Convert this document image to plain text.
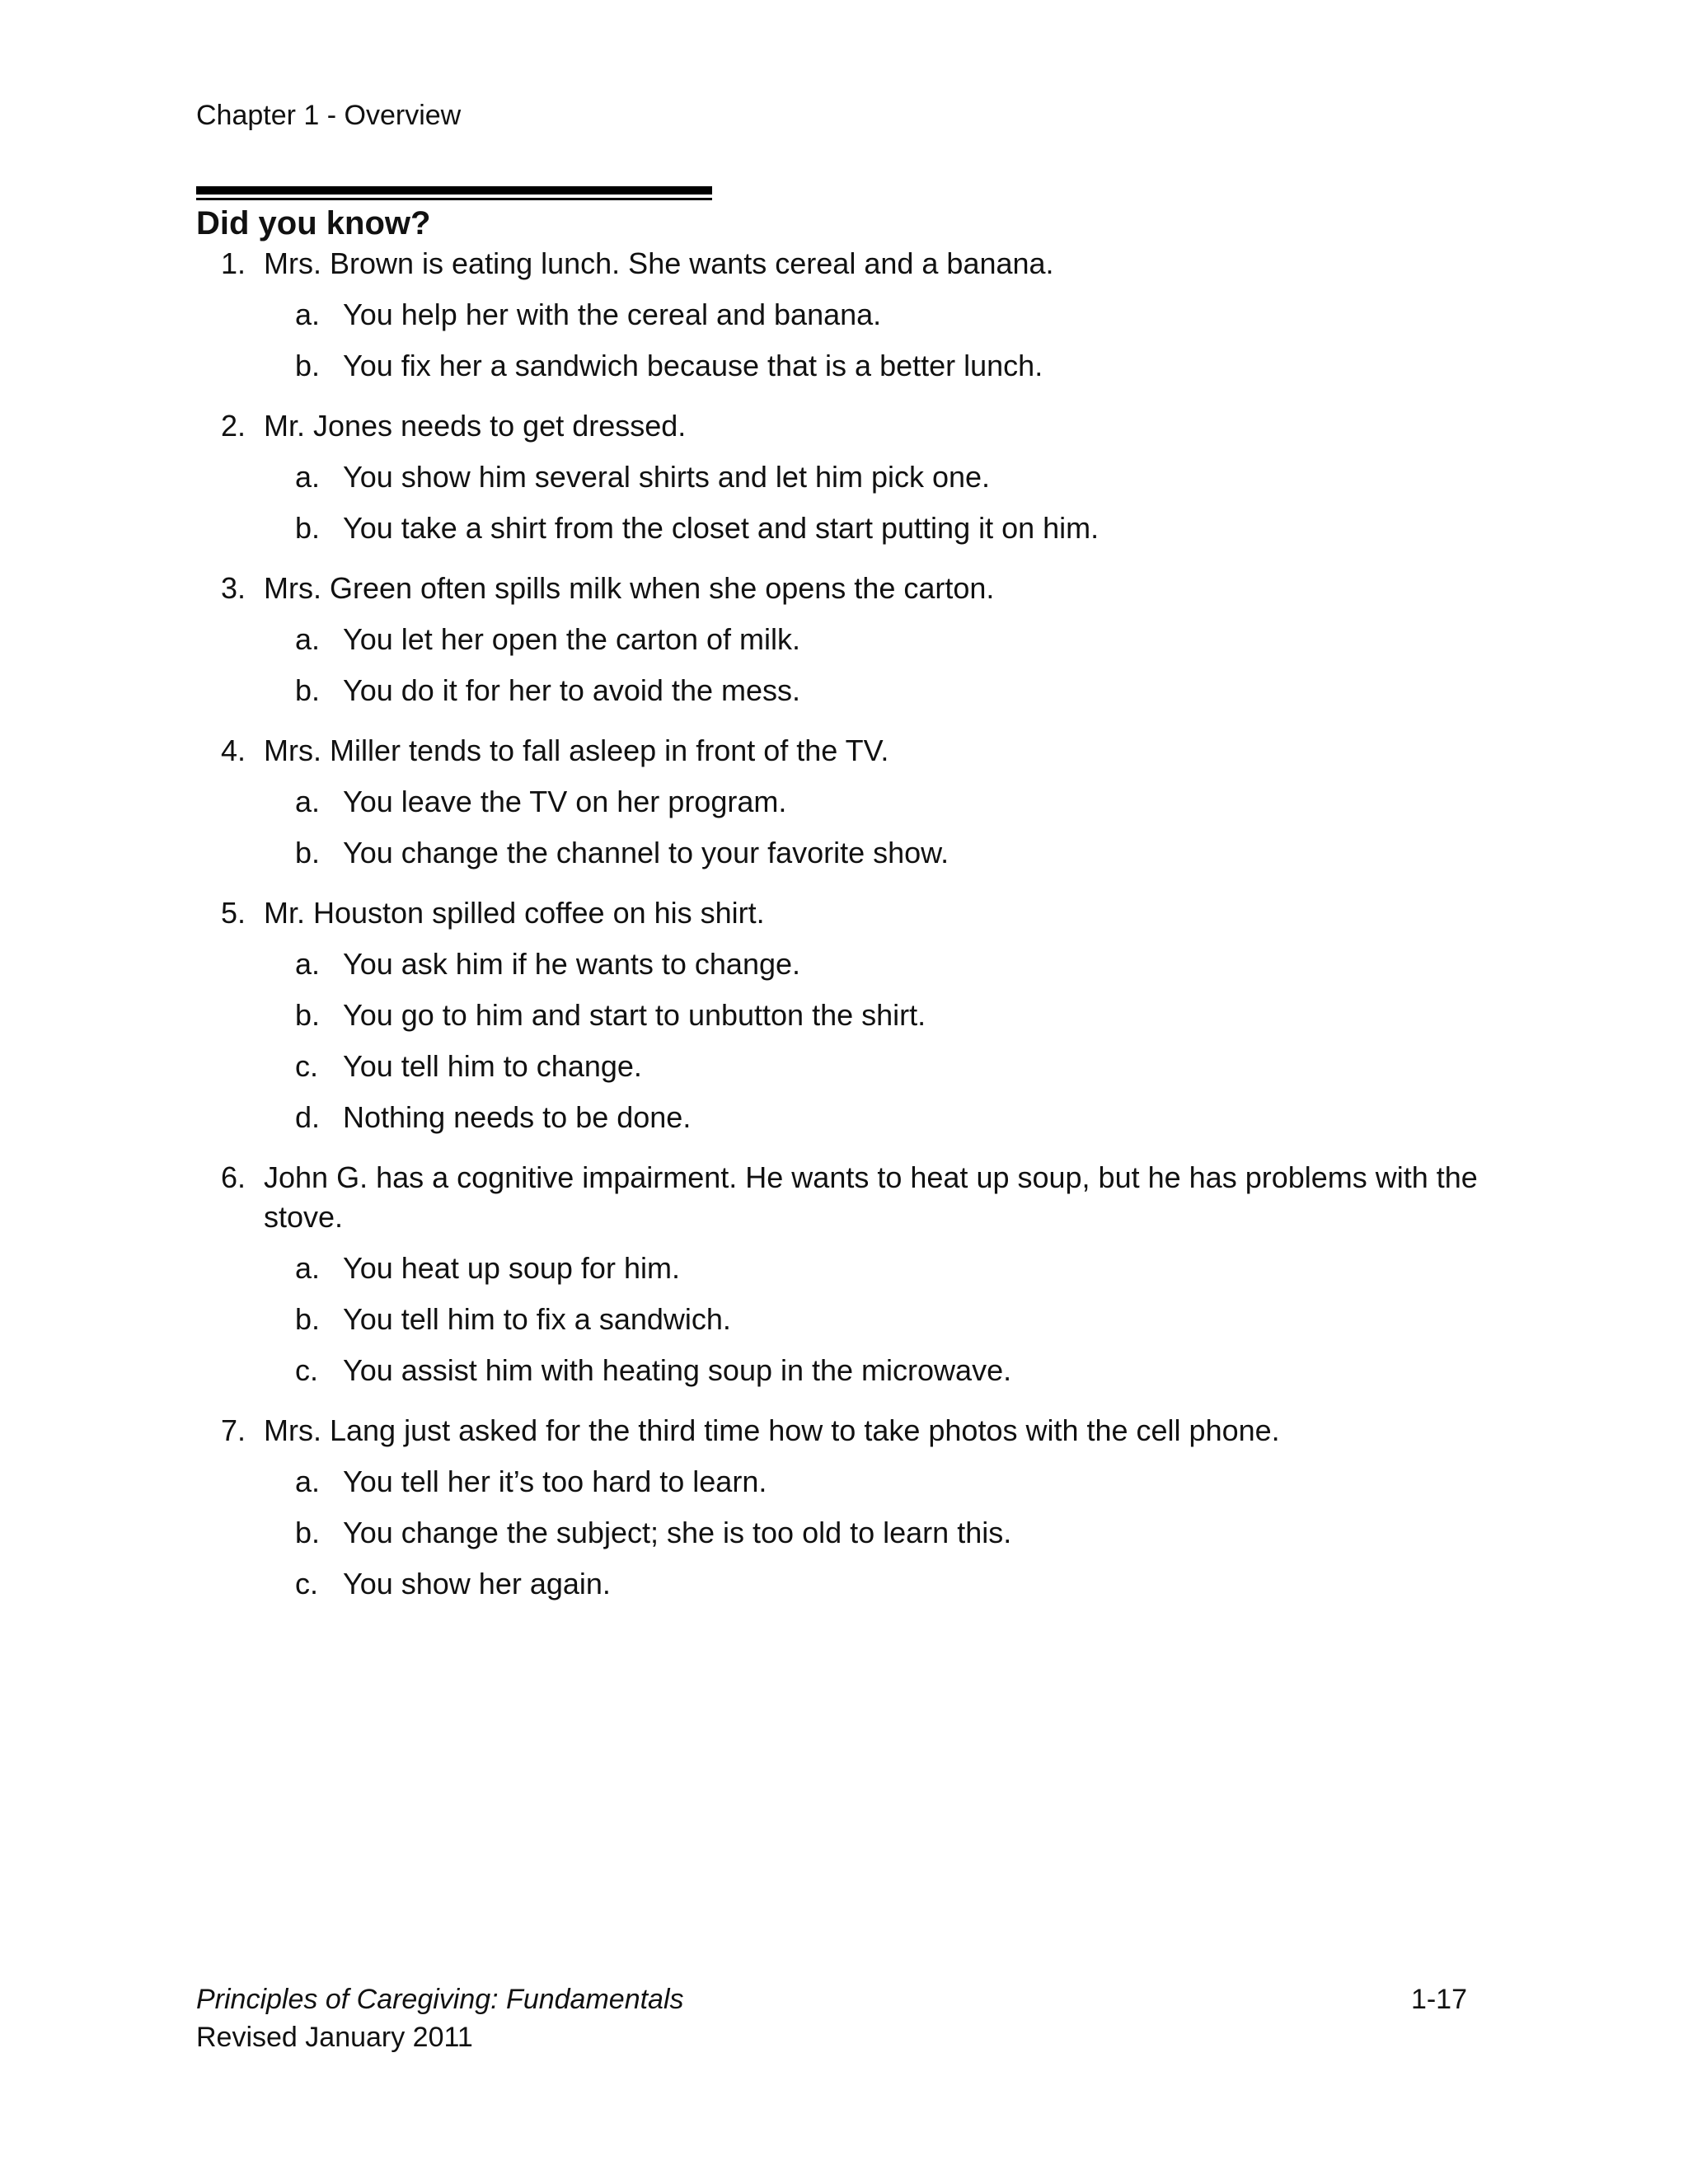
Chapter 1 - Overview
Did you know?
1. Mrs. Brown is eating lunch. She wants cereal and a banana.
a. You help her with the cereal and banana.
b. You fix her a sandwich because that is a better lunch.
2. Mr. Jones needs to get dressed.
a. You show him several shirts and let him pick one.
b. You take a shirt from the closet and start putting it on him.
3. Mrs. Green often spills milk when she opens the carton.
a. You let her open the carton of milk.
b. You do it for her to avoid the mess.
4. Mrs. Miller tends to fall asleep in front of the TV.
a. You leave the TV on her program.
b. You change the channel to your favorite show.
5. Mr. Houston spilled coffee on his shirt.
a. You ask him if he wants to change.
b. You go to him and start to unbutton the shirt.
c. You tell him to change.
d. Nothing needs to be done.
6. John G. has a cognitive impairment. He wants to heat up soup, but he has problems with the stove.
a. You heat up soup for him.
b. You tell him to fix a sandwich.
c. You assist him with heating soup in the microwave.
7. Mrs. Lang just asked for the third time how to take photos with the cell phone.
a. You tell her it’s too hard to learn.
b. You change the subject; she is too old to learn this.
c. You show her again.
Principles of Caregiving: Fundamentals	1-17
Revised January 2011
